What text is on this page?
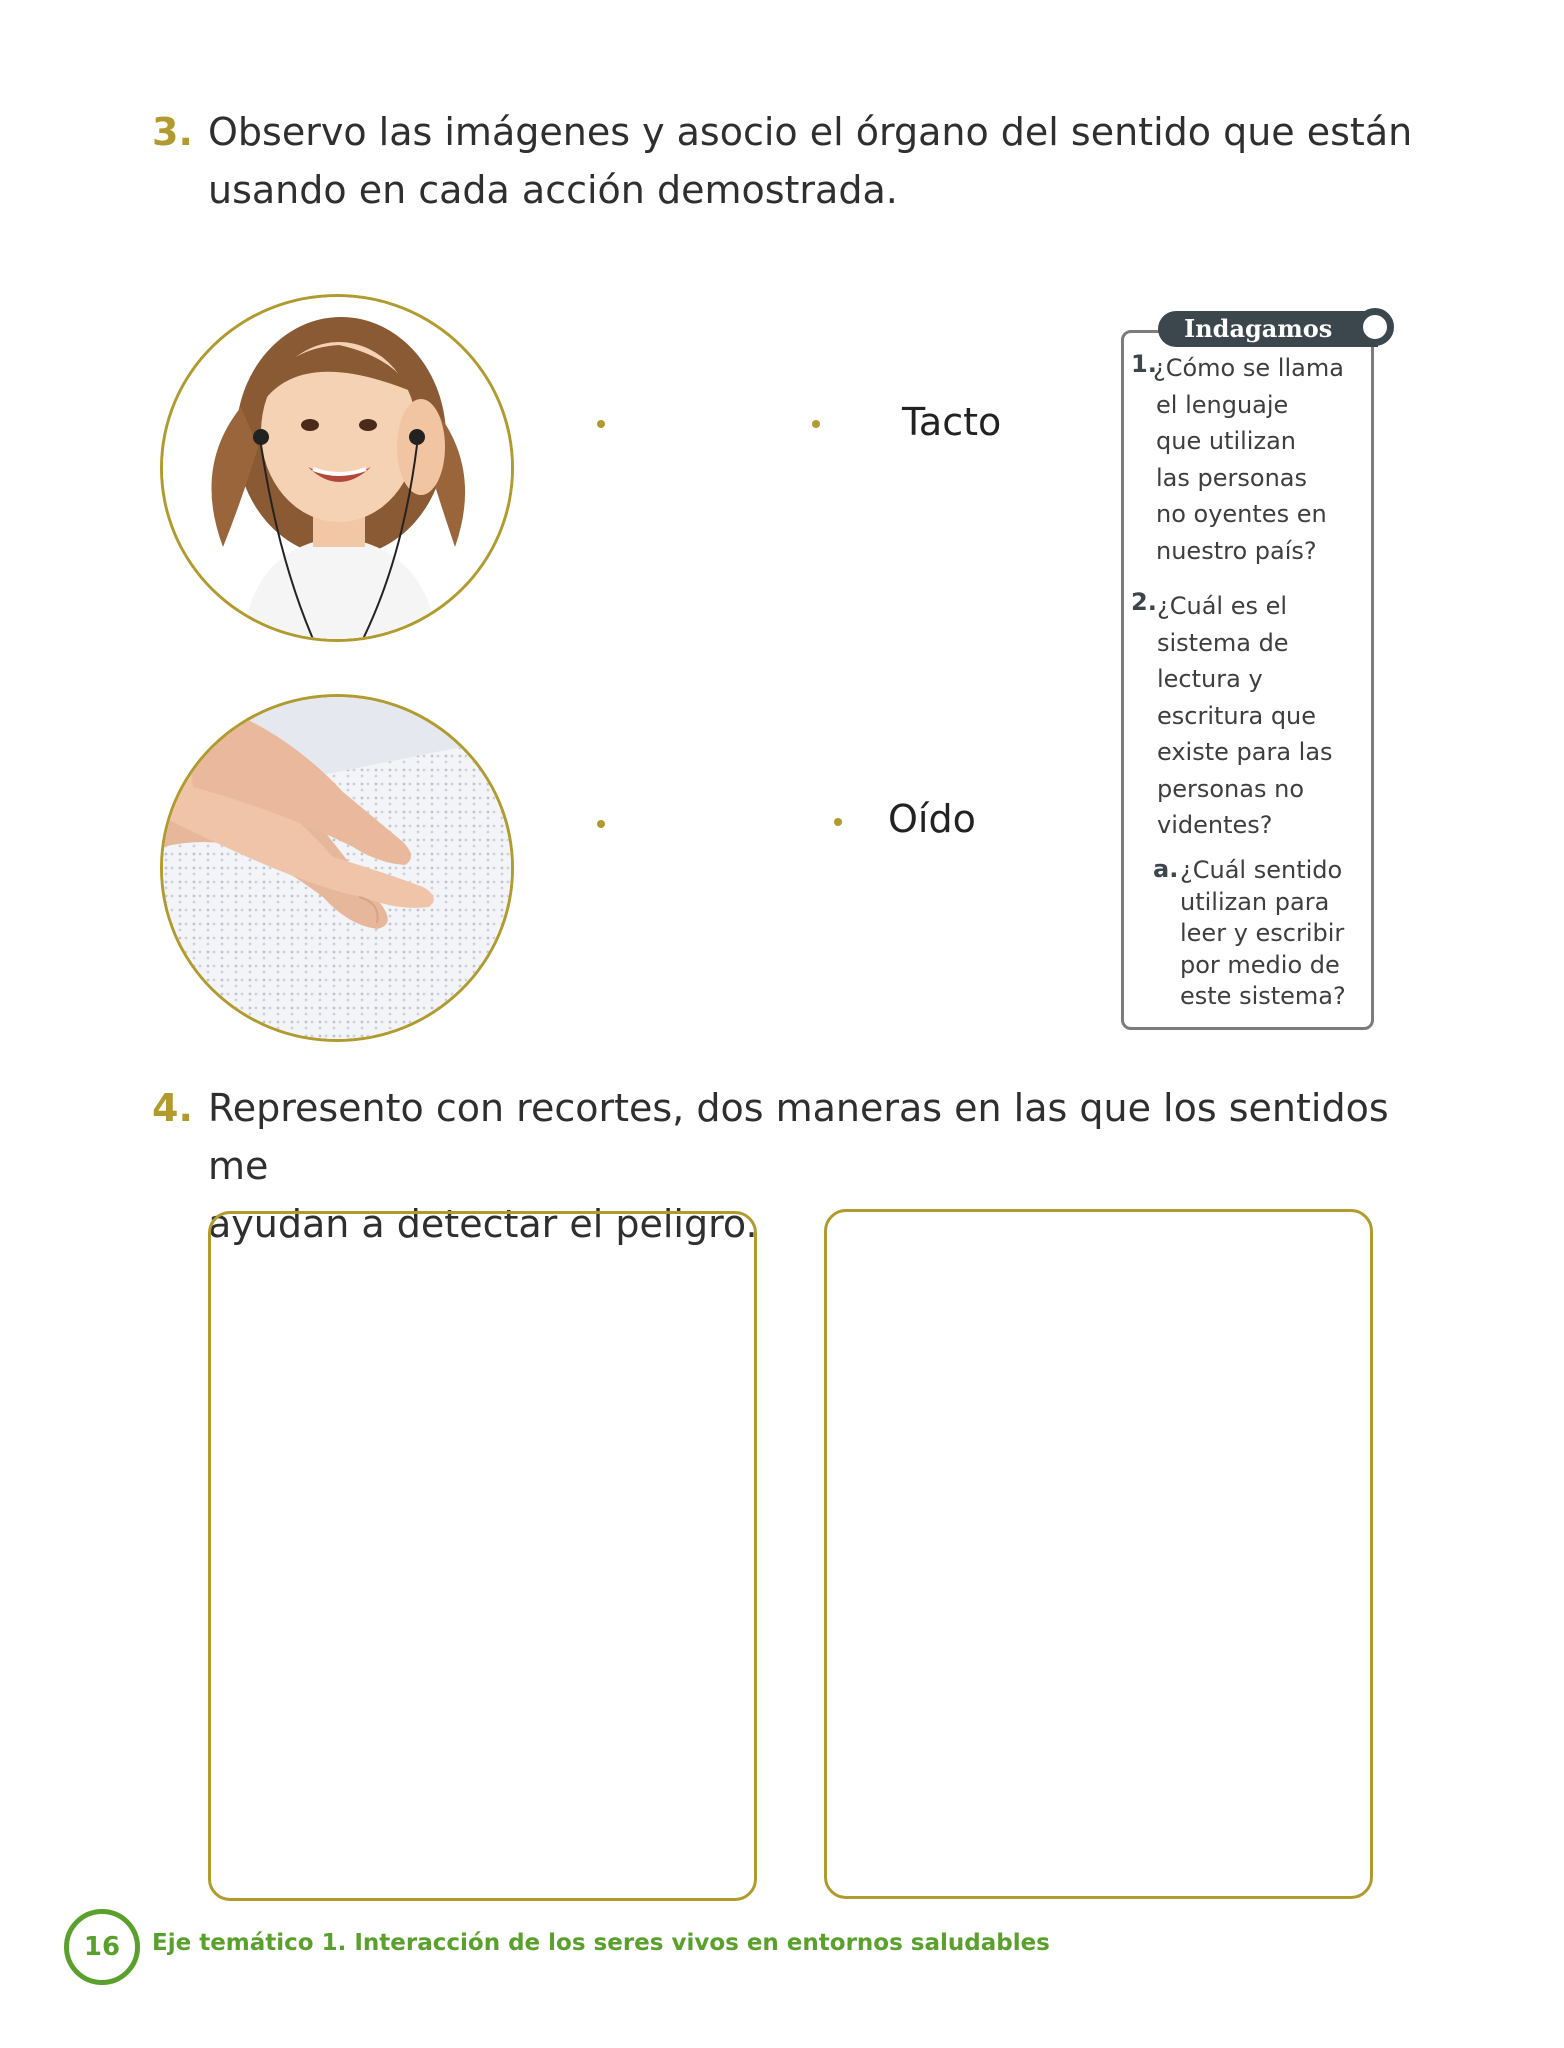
3. Observo las imágenes y asocio el órgano del sentido que están
usando en cada acción demostrada.
Tacto
Oído
Indagamos
1.
¿Cómo se llama
el lenguaje
que utilizan
las personas
no oyentes en
nuestro país?
2. ¿Cuál es el
sistema de
lectura y
escritura que
existe para las
personas no
videntes?
a. ¿Cuál sentido
utilizan para
leer y escribir
por medio de
este sistema?
4. Represento con recortes, dos maneras en las que los sentidos me
ayudan a detectar el peligro.
16	Eje temático 1. Interacción de los seres vivos en entornos saludables
